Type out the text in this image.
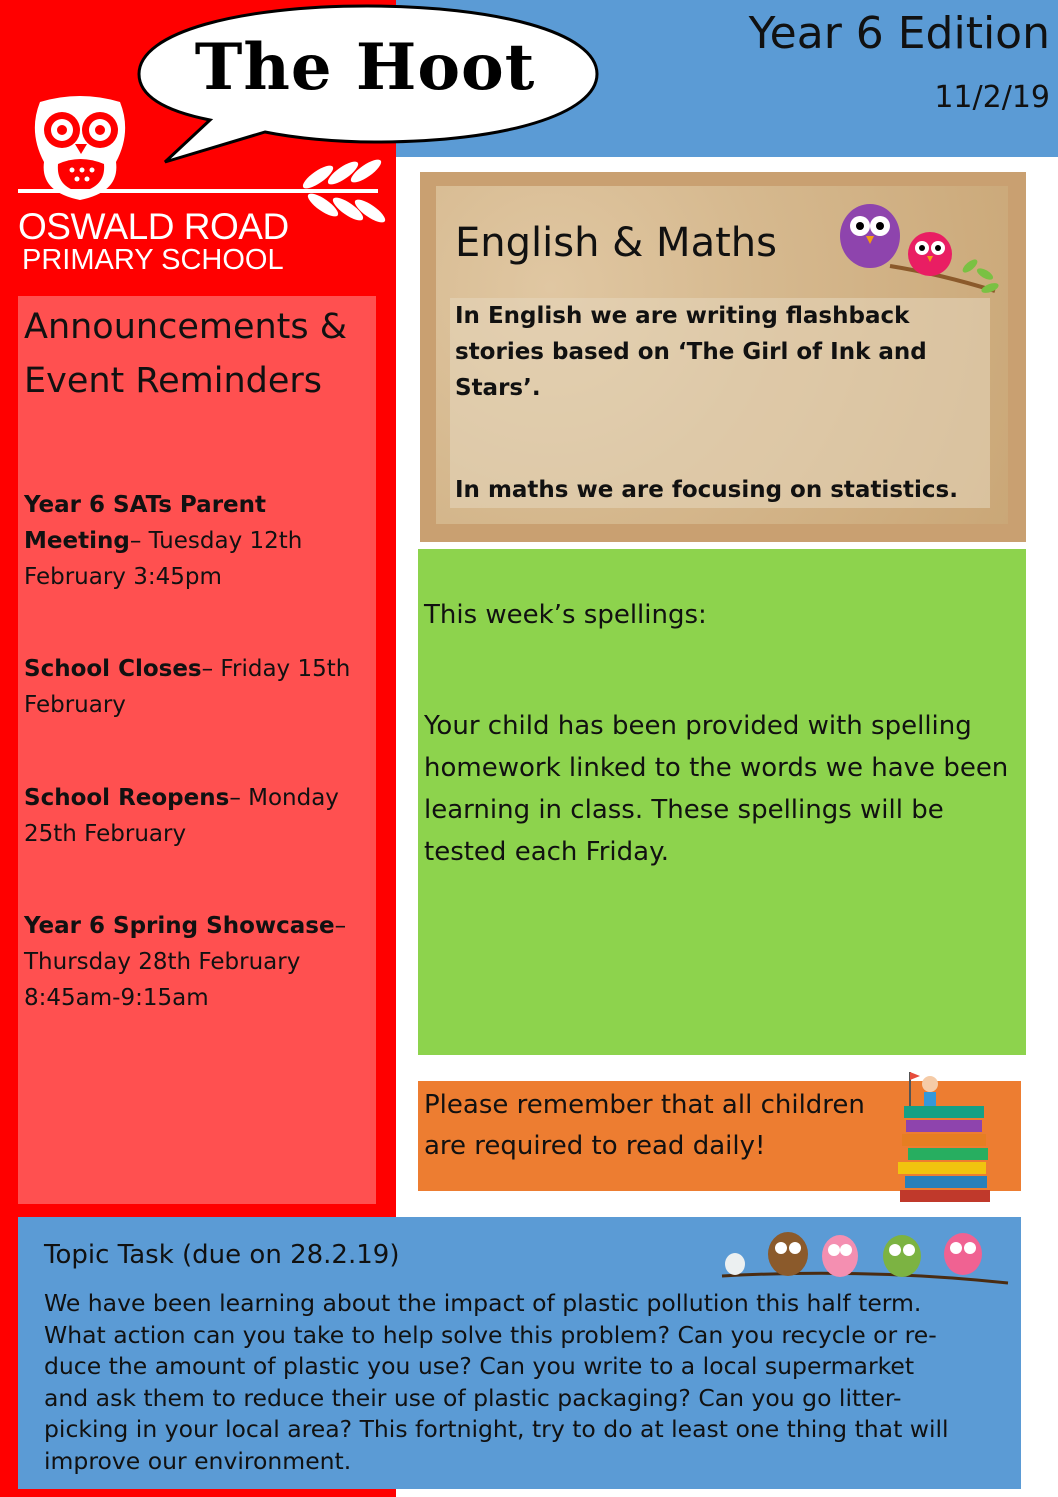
Year 6 Edition
11/2/19
The Hoot
OSWALD ROAD
PRIMARY SCHOOL
Announcements & Event Reminders
Year 6 SATs Parent Meeting– Tuesday 12th February 3:45pm
School Closes– Friday 15th February
School Reopens– Monday 25th February
Year 6 Spring Showcase– Thursday 28th February 8:45am-9:15am
English & Maths
In English we are writing flashback stories based on ‘The Girl of Ink and Stars’.
In maths we are focusing on statistics.
This week’s spellings:
Your child has been provided with spelling homework linked to the words we have been learning in class. These spellings will be tested each Friday.
Please remember that all children are required to read daily!
Topic Task (due on 28.2.19)
We have been learning about the impact of plastic pollution this half term. What action can you take to help solve this problem? Can you recycle or re-duce the amount of plastic you use? Can you write to a local supermarket and ask them to reduce their use of plastic packaging? Can you go litter-picking in your local area? This fortnight, try to do at least one thing that will improve our environment.
